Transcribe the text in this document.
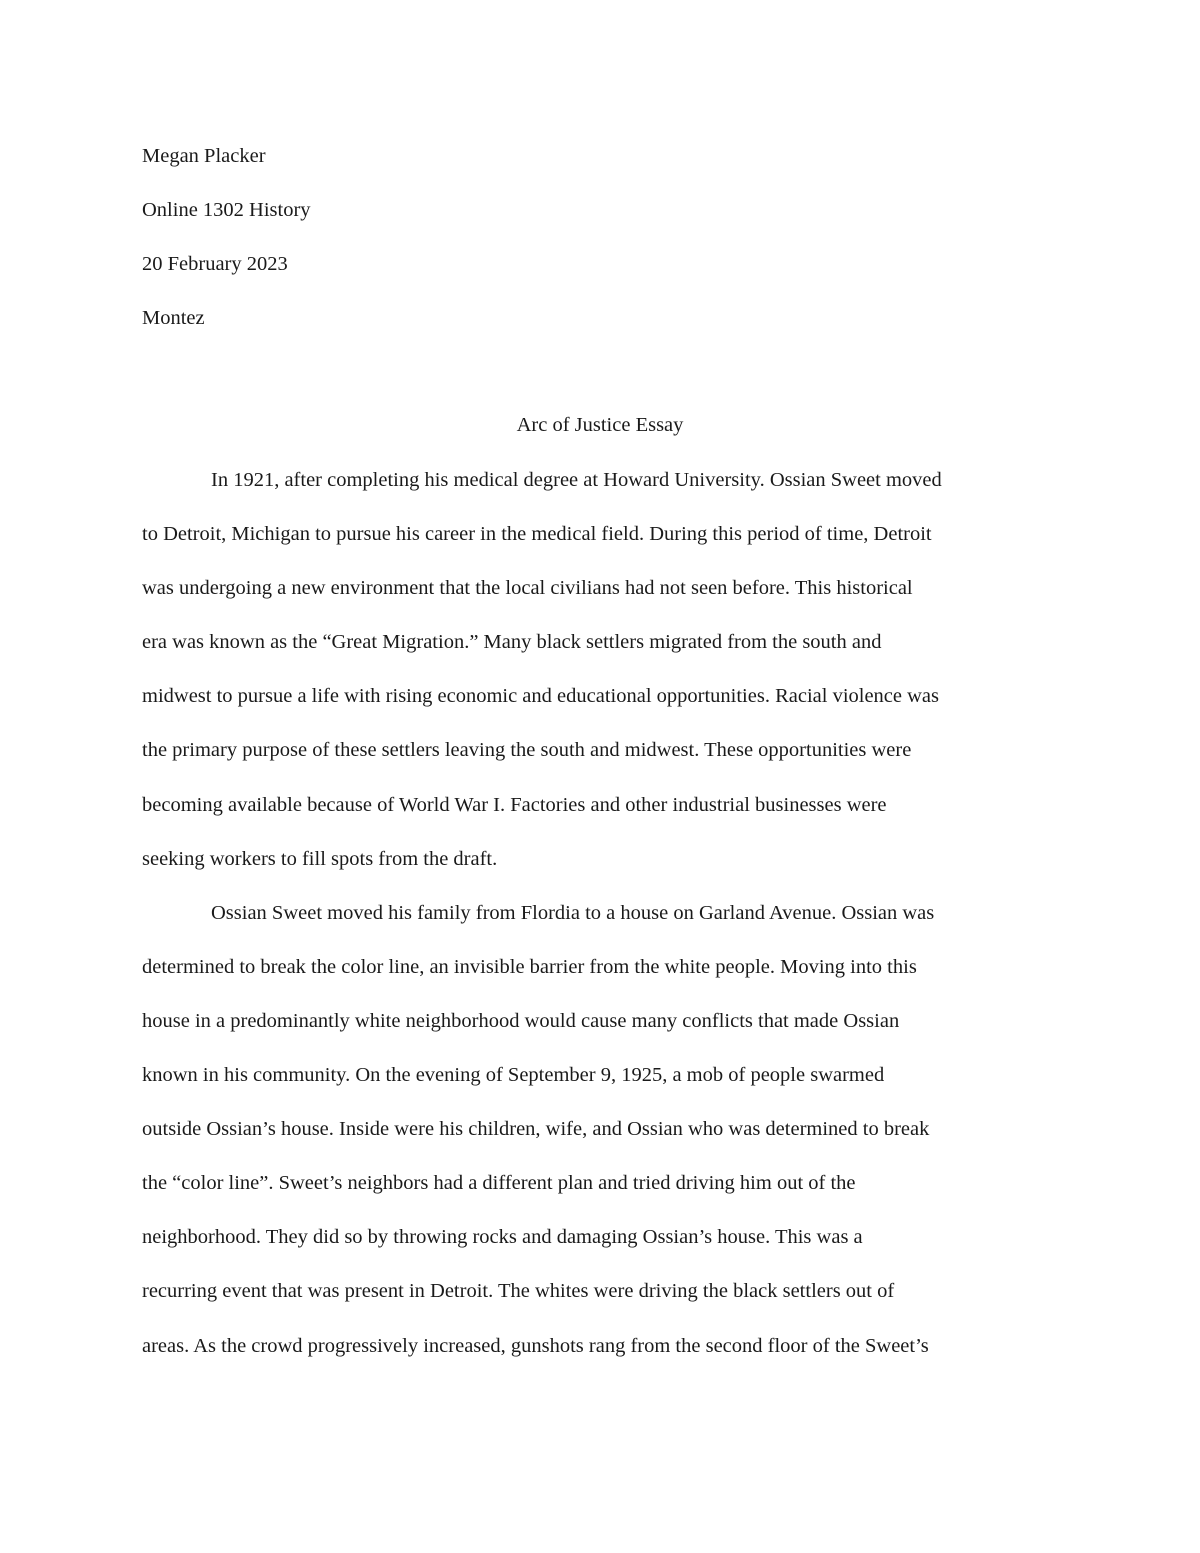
Megan Placker

Online 1302 History

20 February 2023

Montez

Arc of Justice Essay

In 1921, after completing his medical degree at Howard University. Ossian Sweet moved
to Detroit, Michigan to pursue his career in the medical field. During this period of time, Detroit
was undergoing a new environment that the local civilians had not seen before. This historical
era was known as the “Great Migration.” Many black settlers migrated from the south and
midwest to pursue a life with rising economic and educational opportunities. Racial violence was
the primary purpose of these settlers leaving the south and midwest. These opportunities were
becoming available because of World War I. Factories and other industrial businesses were
seeking workers to fill spots from the draft.
Ossian Sweet moved his family from Flordia to a house on Garland Avenue. Ossian was
determined to break the color line, an invisible barrier from the white people. Moving into this
house in a predominantly white neighborhood would cause many conflicts that made Ossian
known in his community. On the evening of September 9, 1925, a mob of people swarmed
outside Ossian’s house. Inside were his children, wife, and Ossian who was determined to break
the “color line”. Sweet’s neighbors had a different plan and tried driving him out of the
neighborhood. They did so by throwing rocks and damaging Ossian’s house. This was a
recurring event that was present in Detroit. The whites were driving the black settlers out of
areas. As the crowd progressively increased, gunshots rang from the second floor of the Sweet’s
